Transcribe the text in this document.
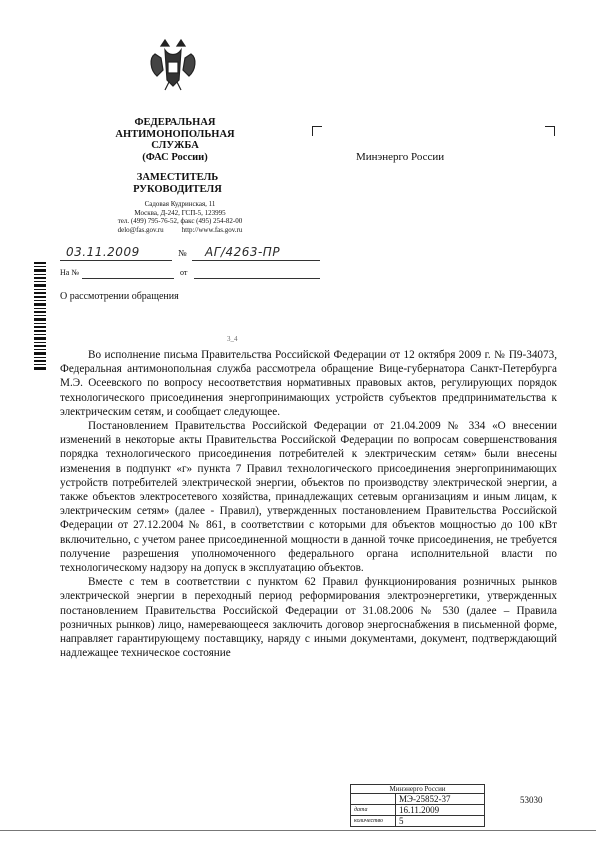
ФЕДЕРАЛЬНАЯ
АНТИМОНОПОЛЬНАЯ
СЛУЖБА
(ФАС России)
ЗАМЕСТИТЕЛЬ
РУКОВОДИТЕЛЯ
Садовая Кудринская, 11
Москва, Д-242, ГСП-5, 123995
тел. (499) 795-76-52, факс (495) 254-82-00
delo@fas.gov.ru	http://www.fas.gov.ru
Минэнерго России
03.11.2009	№ АГ/4263-ПР
На №	от
О рассмотрении обращения
3_4

Во исполнение письма Правительства Российской Федерации от 12 октября 2009 г. № П9-34073, Федеральная антимонопольная служба рассмотрела обращение Вице-губернатора Санкт-Петербурга М.Э. Осеевского по вопросу несоответствия нормативных правовых актов, регулирующих порядок технологического присоединения энергопринимающих устройств субъектов предпринимательства к электрическим сетям, и сообщает следующее.

Постановлением Правительства Российской Федерации от 21.04.2009 № 334 «О внесении изменений в некоторые акты Правительства Российской Федерации по вопросам совершенствования порядка технологического присоединения потребителей к электрическим сетям» были внесены изменения в подпункт «г» пункта 7 Правил технологического присоединения энергопринимающих устройств потребителей электрической энергии, объектов по производству электрической энергии, а также объектов электросетевого хозяйства, принадлежащих сетевым организациям и иным лицам, к электрическим сетям» (далее - Правил), утвержденных постановлением Правительства Российской Федерации от 27.12.2004 № 861, в соответствии с которыми для объектов мощностью до 100 кВт включительно, с учетом ранее присоединенной мощности в данной точке присоединения, не требуется получение разрешения уполномоченного федерального органа исполнительной власти по технологическому надзору на допуск в эксплуатацию объектов.

Вместе с тем в соответствии с пунктом 62 Правил функционирования розничных рынков электрической энергии в переходный период реформирования электроэнергетики, утвержденных постановлением Правительства Российской Федерации от 31.08.2006 № 530 (далее – Правила розничных рынков) лицо, намеревающееся заключить договор энергоснабжения в письменной форме, направляет гарантирующему поставщику, наряду с иными документами, документ, подтверждающий надлежащее техническое состояние

Минэнерго России	
	МЭ-25852-37
дата	16.11.2009
количество	5
53030
